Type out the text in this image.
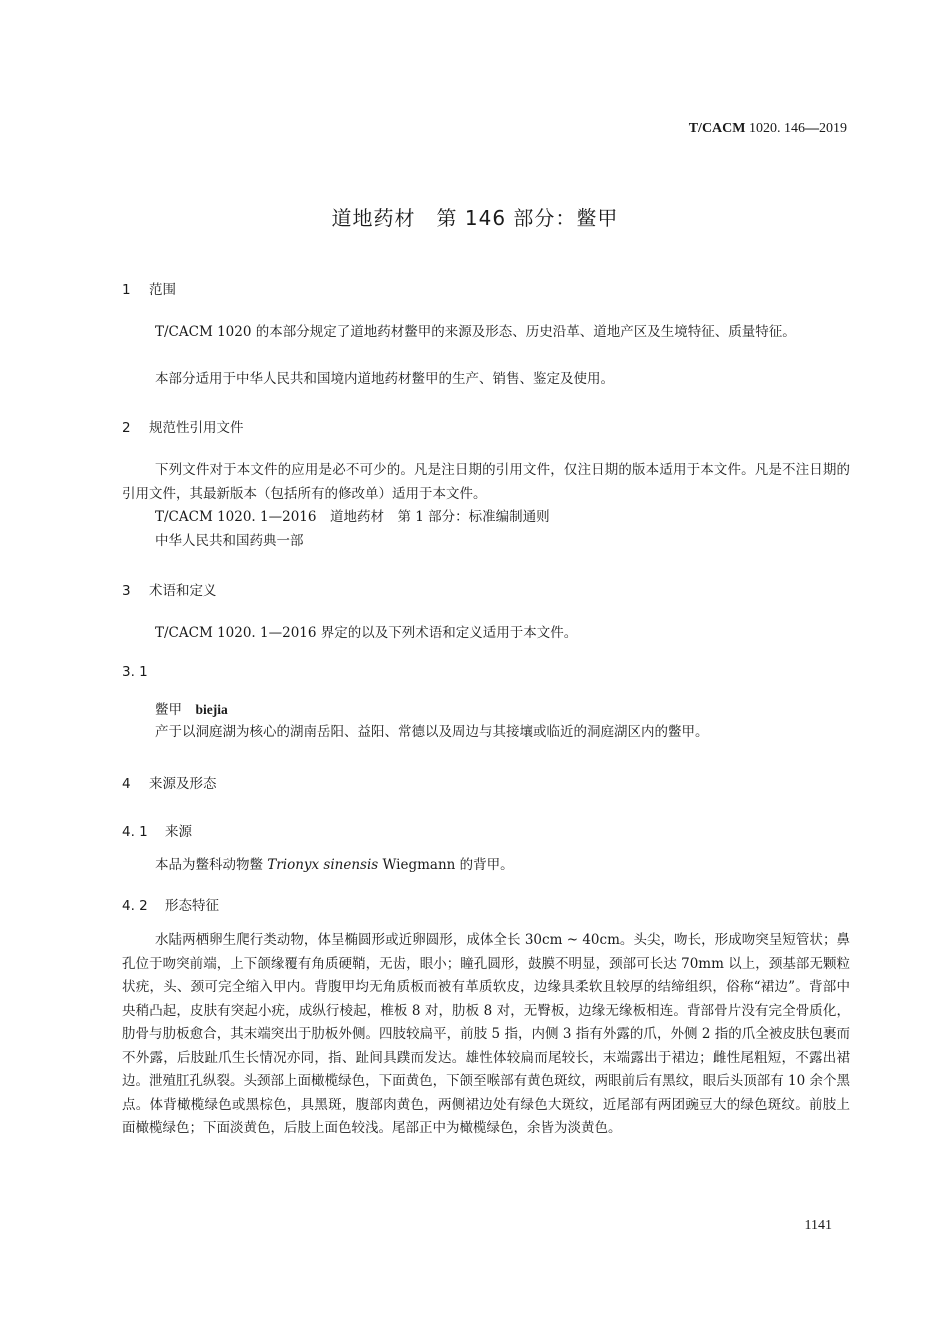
T/CACM 1020. 146—2019
道地药材　第 146 部分：鳖甲
1 范围
T/CACM 1020 的本部分规定了道地药材鳖甲的来源及形态、历史沿革、道地产区及生境特征、质量特征。
本部分适用于中华人民共和国境内道地药材鳖甲的生产、销售、鉴定及使用。
2 规范性引用文件
下列文件对于本文件的应用是必不可少的。凡是注日期的引用文件，仅注日期的版本适用于本文件。凡是不注日期的引用文件，其最新版本（包括所有的修改单）适用于本文件。
T/CACM 1020. 1—2016　道地药材　第 1 部分：标准编制通则
中华人民共和国药典一部
3 术语和定义
T/CACM 1020. 1—2016 界定的以及下列术语和定义适用于本文件。
3. 1
鳖甲　 biejia
产于以洞庭湖为核心的湖南岳阳、益阳、常德以及周边与其接壤或临近的洞庭湖区内的鳖甲。
4 来源及形态
4. 1 来源
本品为鳖科动物鳖 Trionyx sinensis Wiegmann 的背甲。
4. 2 形态特征
水陆两栖卵生爬行类动物，体呈椭圆形或近卵圆形，成体全长 30cm ~ 40cm。头尖，吻长，形成吻突呈短管状；鼻孔位于吻突前端，上下颌缘覆有角质硬鞘，无齿，眼小；瞳孔圆形，鼓膜不明显，颈部可长达 70mm 以上，颈基部无颗粒状疣，头、颈可完全缩入甲内。背腹甲均无角质板而被有革质软皮，边缘具柔软且较厚的结缔组织，俗称“裙边”。背部中央稍凸起，皮肤有突起小疣，成纵行棱起，椎板 8 对，肋板 8 对，无臀板，边缘无缘板相连。背部骨片没有完全骨质化，肋骨与肋板愈合，其末端突出于肋板外侧。四肢较扁平，前肢 5 指，内侧 3 指有外露的爪，外侧 2 指的爪全被皮肤包裹而不外露，后肢趾爪生长情况亦同，指、趾间具蹼而发达。雄性体较扁而尾较长，末端露出于裙边；雌性尾粗短，不露出裙边。泄殖肛孔纵裂。头颈部上面橄榄绿色，下面黄色，下颌至喉部有黄色斑纹，两眼前后有黑纹，眼后头顶部有 10 余个黑点。体背橄榄绿色或黑棕色，具黑斑，腹部肉黄色，两侧裙边处有绿色大斑纹，近尾部有两团豌豆大的绿色斑纹。前肢上面橄榄绿色；下面淡黄色，后肢上面色较浅。尾部正中为橄榄绿色，余皆为淡黄色。
1141
